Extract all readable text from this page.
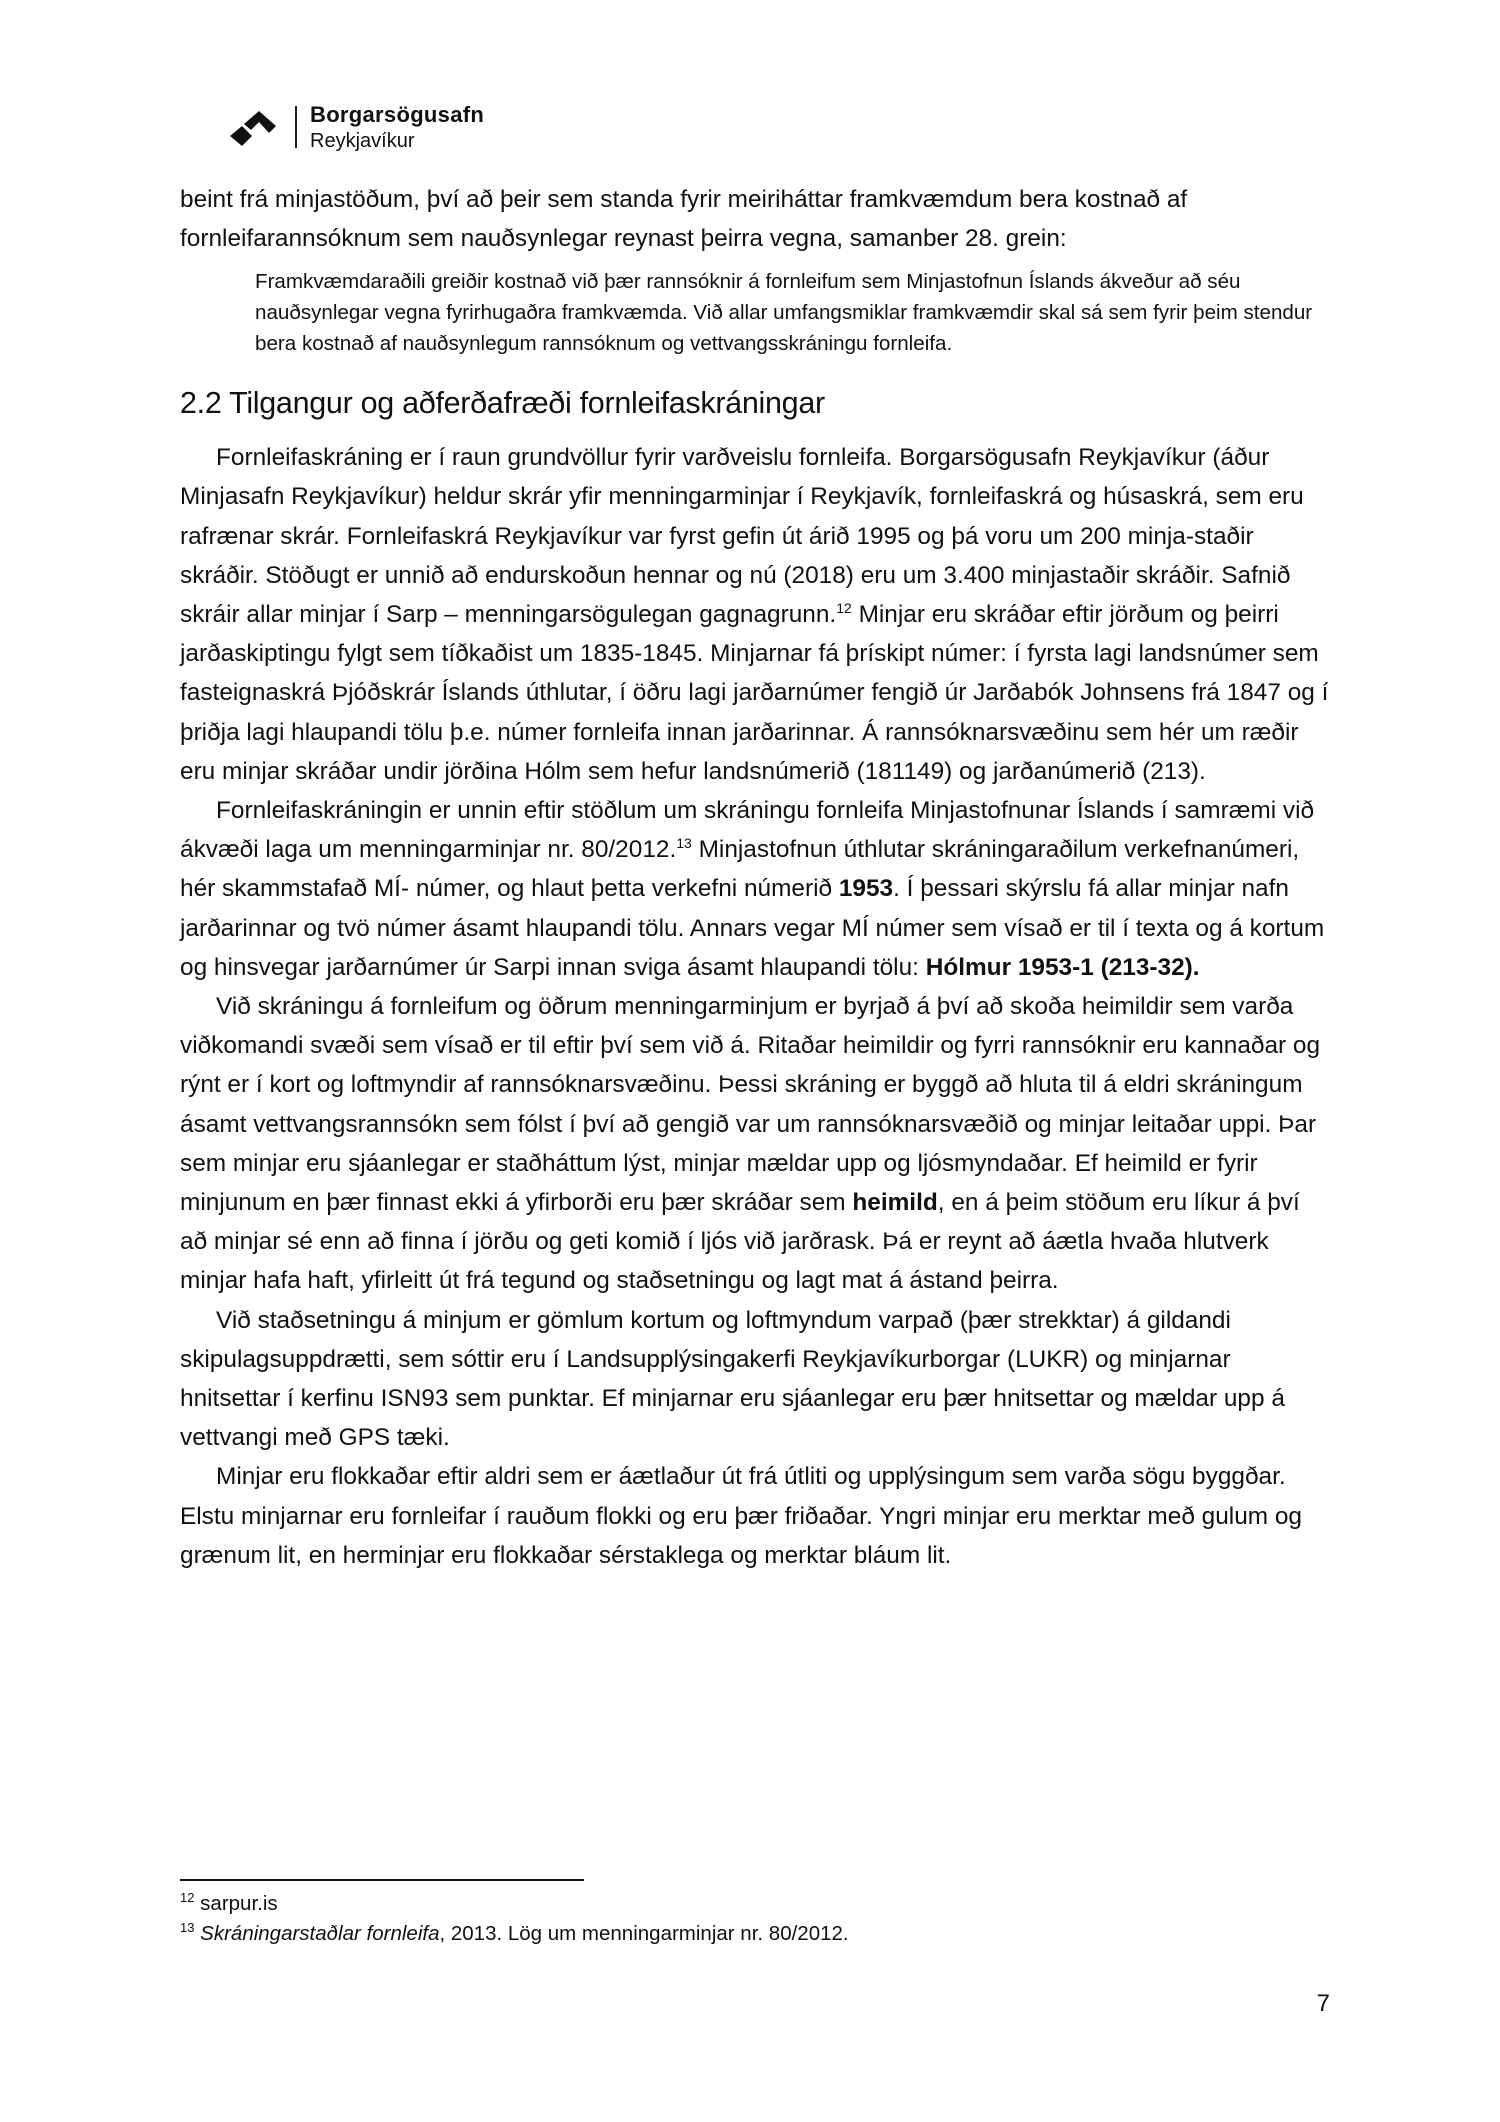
Borgarsögusafn
Reykjavíkur

beint frá minjastöðum, því að þeir sem standa fyrir meiriháttar framkvæmdum bera kostnað af fornleifarannsóknum sem nauðsynlegar reynast þeirra vegna, samanber 28. grein:

Framkvæmdaraðili greiðir kostnað við þær rannsóknir á fornleifum sem Minjastofnun Íslands ákveður að séu nauðsynlegar vegna fyrirhugaðra framkvæmda. Við allar umfangsmiklar framkvæmdir skal sá sem fyrir þeim stendur bera kostnað af nauðsynlegum rannsóknum og vettvangsskráningu fornleifa.
2.2 Tilgangur og aðferðafræði fornleifaskráningar

Fornleifaskráning er í raun grundvöllur fyrir varðveislu fornleifa. Borgarsögusafn Reykjavíkur (áður Minjasafn Reykjavíkur) heldur skrár yfir menningarminjar í Reykjavík, fornleifaskrá og húsaskrá, sem eru rafrænar skrár. Fornleifaskrá Reykjavíkur var fyrst gefin út árið 1995 og þá voru um 200 minja-staðir skráðir. Stöðugt er unnið að endurskoðun hennar og nú (2018) eru um 3.400 minjastaðir skráðir. Safnið skráir allar minjar í Sarp – menningarsögulegan gagnagrunn.$^{12}$ Minjar eru skráðar eftir jörðum og þeirri jarðaskiptingu fylgt sem tíðkaðist um 1835-1845. Minjarnar fá þrískipt númer: í fyrsta lagi landsnúmer sem fasteignaskrá Þjóðskrár Íslands úthlutar, í öðru lagi jarðarnúmer fengið úr Jarðabók Johnsens frá 1847 og í þriðja lagi hlaupandi tölu þ.e. númer fornleifa innan jarðarinnar. Á rannsóknarsvæðinu sem hér um ræðir eru minjar skráðar undir jörðina Hólm sem hefur landsnúmerið (181149) og jarðanúmerið (213).

Fornleifaskráningin er unnin eftir stöðlum um skráningu fornleifa Minjastofnunar Íslands í samræmi við ákvæði laga um menningarminjar nr. 80/2012.13 Minjastofnun úthlutar skráningaraðilum verkefnanúmeri, hér skammstafað MÍ- númer, og hlaut þetta verkefni númerið 1953. Í þessari skýrslu fá allar minjar nafn jarðarinnar og tvö númer ásamt hlaupandi tölu. Annars vegar MÍ númer sem vísað er til í texta og á kortum og hinsvegar jarðarnúmer úr Sarpi innan sviga ásamt hlaupandi tölu: Hólmur 1953-1 (213-32).

Við skráningu á fornleifum og öðrum menningarminjum er byrjað á því að skoða heimildir sem varða viðkomandi svæði sem vísað er til eftir því sem við á. Ritaðar heimildir og fyrri rannsóknir eru kannaðar og rýnt er í kort og loftmyndir af rannsóknarsvæðinu. Þessi skráning er byggð að hluta til á eldri skráningum ásamt vettvangsrannsókn sem fólst í því að gengið var um rannsóknarsvæðið og minjar leitaðar uppi. Þar sem minjar eru sjáanlegar er staðháttum lýst, minjar mældar upp og ljósmyndaðar. Ef heimild er fyrir minjunum en þær finnast ekki á yfirborði eru þær skráðar sem heimild, en á þeim stöðum eru líkur á því að minjar sé enn að finna í jörðu og geti komið í ljós við jarðrask. Þá er reynt að áætla hvaða hlutverk minjar hafa haft, yfirleitt út frá tegund og staðsetningu og lagt mat á ástand þeirra.

Við staðsetningu á minjum er gömlum kortum og loftmyndum varpað (þær strekktar) á gildandi skipulagsuppdrætti, sem sóttir eru í Landsupplýsingakerfi Reykjavíkurborgar (LUKR) og minjarnar hnitsettar í kerfinu ISN93 sem punktar. Ef minjarnar eru sjáanlegar eru þær hnitsettar og mældar upp á vettvangi með GPS tæki.

Minjar eru flokkaðar eftir aldri sem er áætlaður út frá útliti og upplýsingum sem varða sögu byggðar. Elstu minjarnar eru fornleifar í rauðum flokki og eru þær friðaðar. Yngri minjar eru merktar með gulum og grænum lit, en herminjar eru flokkaðar sérstaklega og merktar bláum lit.

$^{12}$ sarpur.is
$^{13}$ Skráningarstaðlar fornleifa, 2013. Lög um menningarminjar nr. 80/2012.
7
